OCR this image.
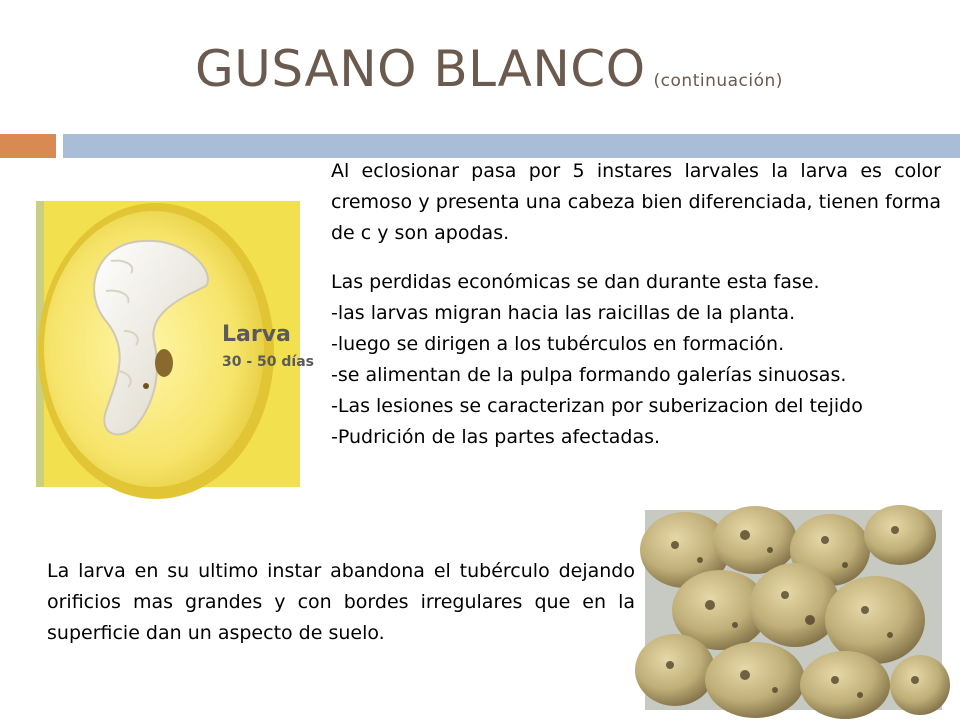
GUSANO BLANCO (continuación)
Larva
30 - 50 días

Al eclosionar pasa por 5 instares larvales la larva es color cremoso y presenta una cabeza bien diferenciada, tienen forma de c y son apodas.

Las perdidas económicas se dan durante esta fase.

-las larvas migran hacia las raicillas de la planta.

-luego se dirigen a los tubérculos en formación.

-se alimentan de la pulpa formando galerías sinuosas.

-Las lesiones se caracterizan por suberizacion del tejido

-Pudrición de las partes afectadas.

La larva en su ultimo instar abandona el tubérculo dejando orificios mas grandes y con bordes irregulares que en la superficie dan un aspecto de suelo.
